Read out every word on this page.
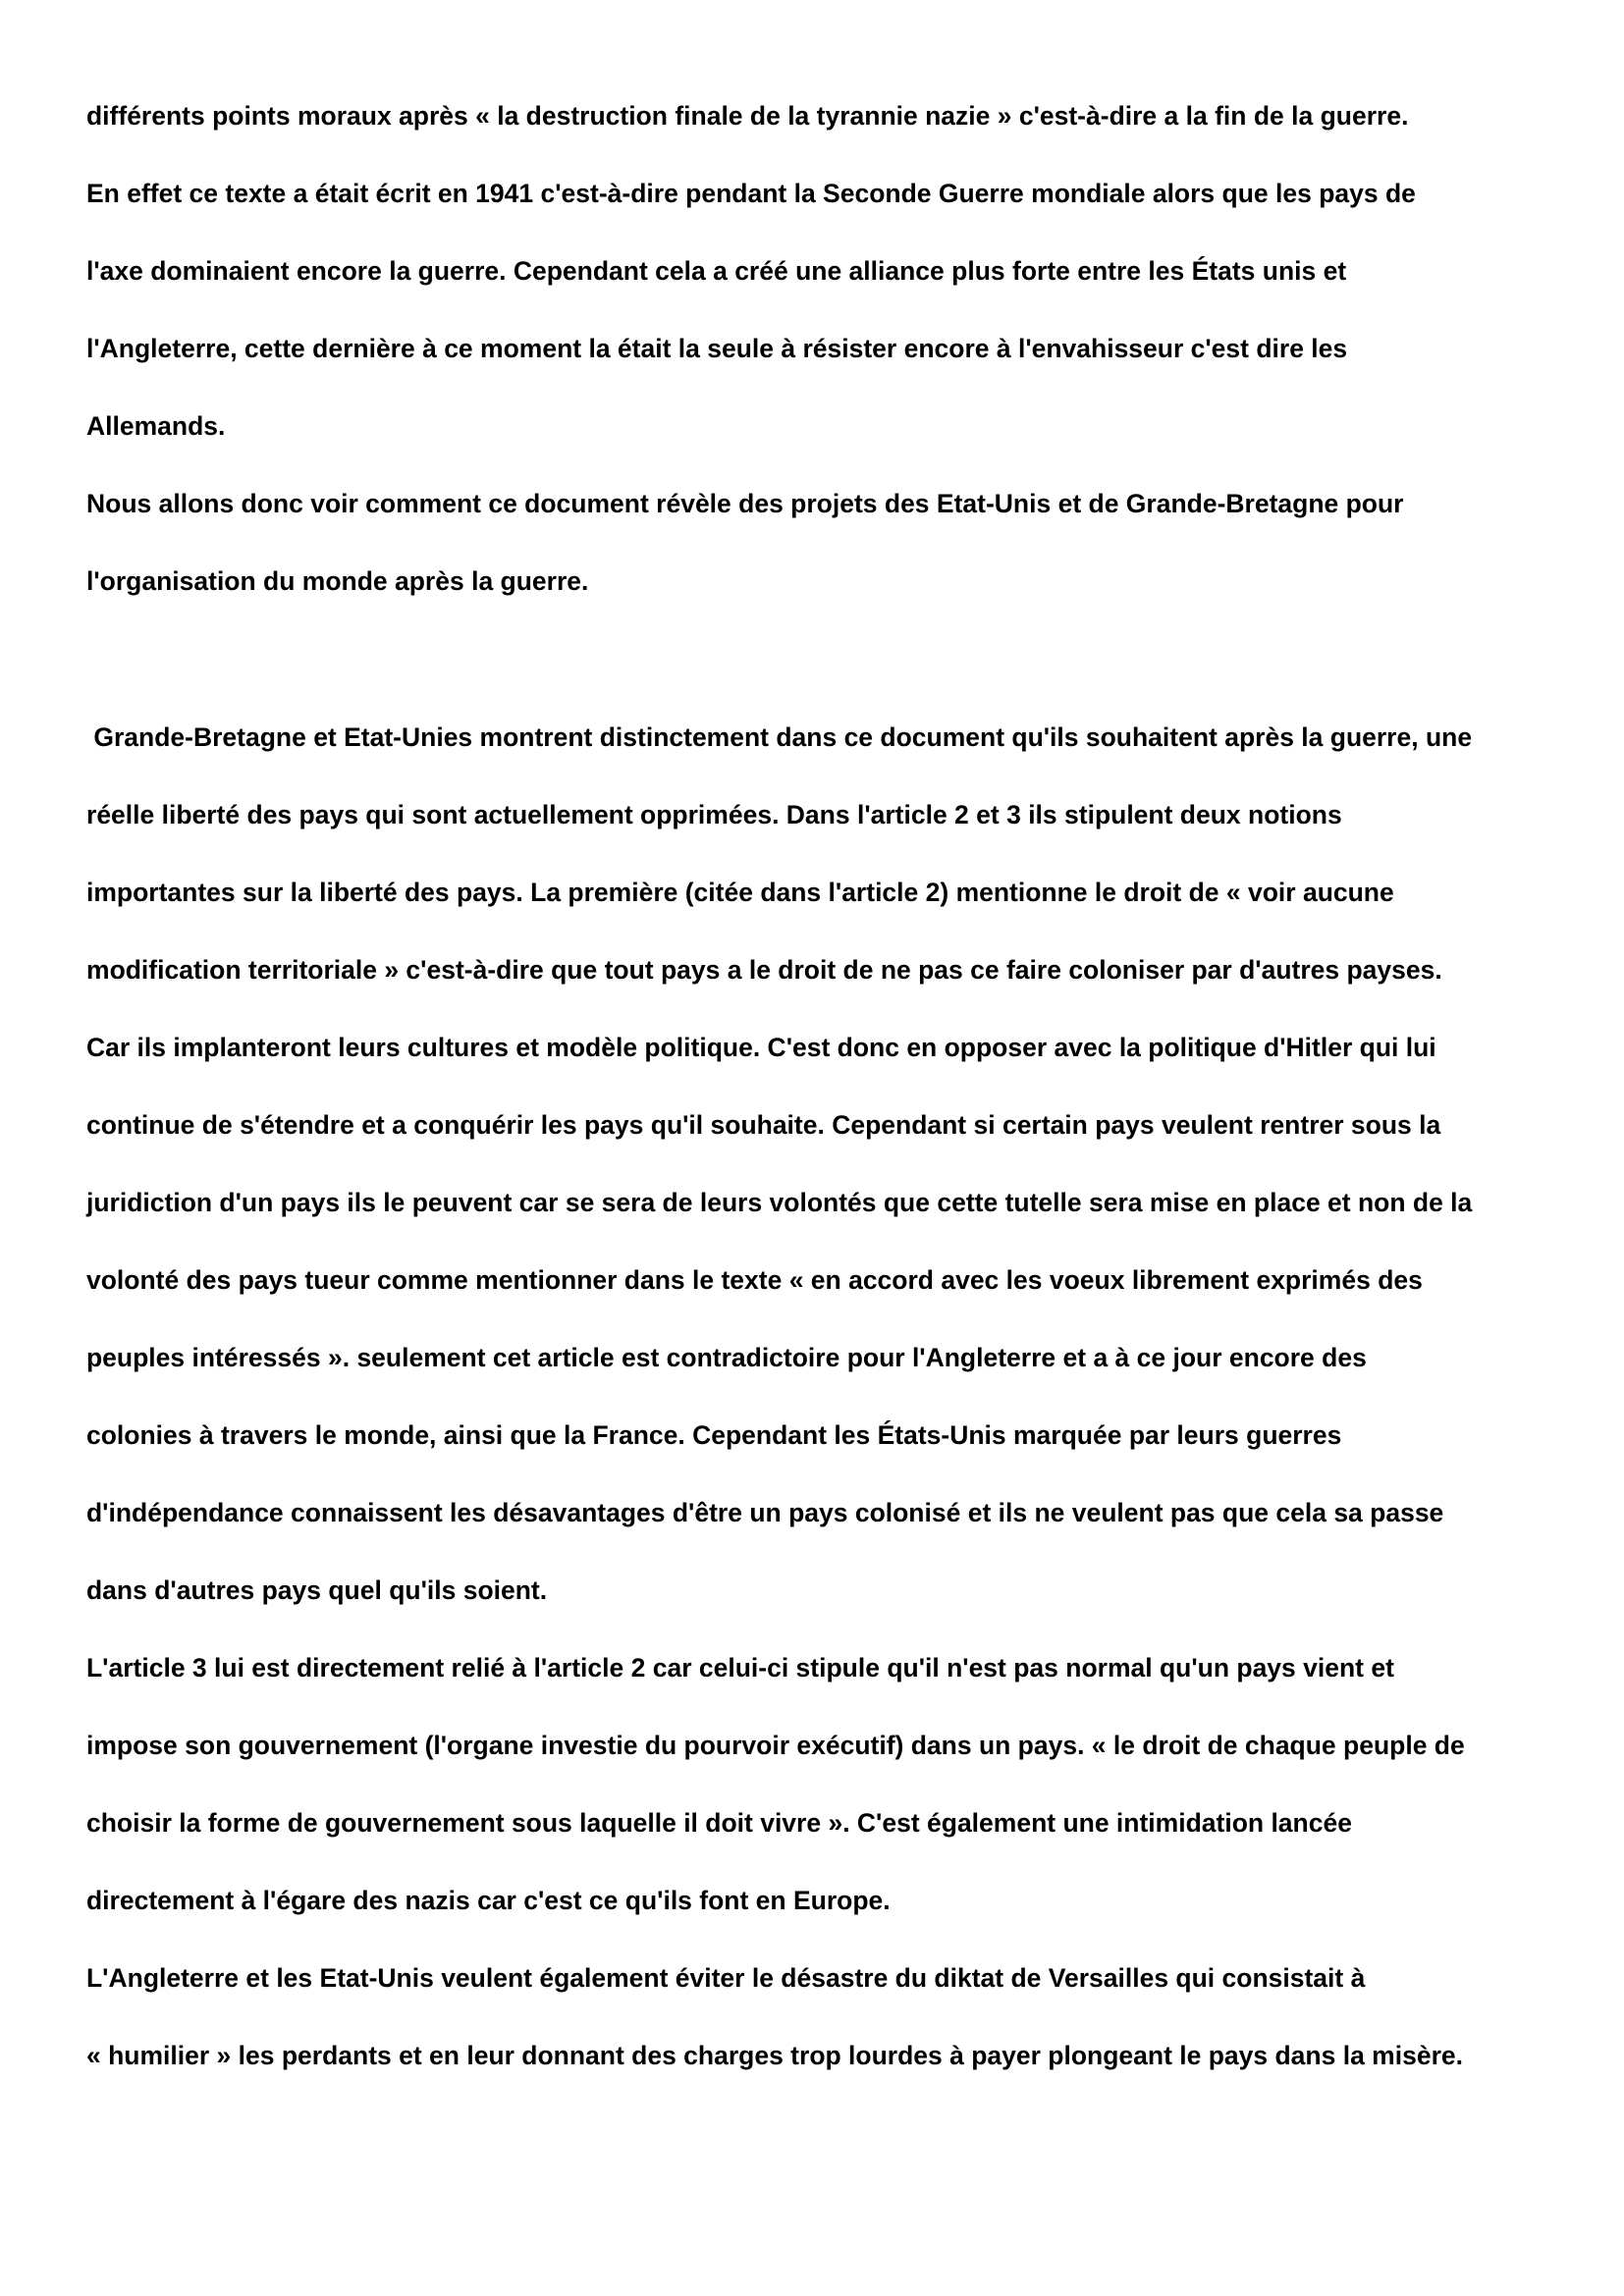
différents points moraux après « la destruction finale de la tyrannie nazie » c'est-à-dire a la fin de la guerre.

En effet ce texte a était écrit en 1941 c'est-à-dire pendant la Seconde Guerre mondiale alors que les pays de

l'axe dominaient encore la guerre. Cependant cela a créé une alliance plus forte entre les États unis et

l'Angleterre, cette dernière à ce moment la était la seule à résister encore à l'envahisseur c'est dire les

Allemands.

Nous allons donc voir comment ce document révèle des projets des Etat-Unis et de Grande-Bretagne pour

l'organisation du monde après la guerre.

Grande-Bretagne et Etat-Unies montrent distinctement dans ce document qu'ils souhaitent après la guerre, une

réelle liberté des pays qui sont actuellement opprimées. Dans l'article 2 et 3 ils stipulent deux notions

importantes sur la liberté des pays. La première (citée dans l'article 2) mentionne le droit de « voir aucune

modification territoriale » c'est-à-dire que tout pays a le droit de ne pas ce faire coloniser par d'autres payses.

Car ils implanteront leurs cultures et modèle politique. C'est donc en opposer avec la politique d'Hitler qui lui

continue de s'étendre et a conquérir les pays qu'il souhaite. Cependant si certain pays veulent rentrer sous la

juridiction d'un pays ils le peuvent car se sera de leurs volontés que cette tutelle sera mise en place et non de la

volonté des pays tueur comme mentionner dans le texte « en accord avec les voeux librement exprimés des

peuples intéressés ». seulement cet article est contradictoire pour l'Angleterre et a à ce jour encore des

colonies à travers le monde, ainsi que la France. Cependant les États-Unis marquée par leurs guerres

d'indépendance connaissent les désavantages d'être un pays colonisé et ils ne veulent pas que cela sa passe

dans d'autres pays quel qu'ils soient.

L'article 3 lui est directement relié à l'article 2 car celui-ci stipule qu'il n'est pas normal qu'un pays vient et

impose son gouvernement (l'organe investie du pourvoir exécutif) dans un pays. « le droit de chaque peuple de

choisir la forme de gouvernement sous laquelle il doit vivre ». C'est également une intimidation lancée

directement à l'égare des nazis car c'est ce qu'ils font en Europe.

L'Angleterre et les Etat-Unis veulent également éviter le désastre du diktat de Versailles qui consistait à

« humilier » les perdants et en leur donnant des charges trop lourdes à payer plongeant le pays dans la misère.
